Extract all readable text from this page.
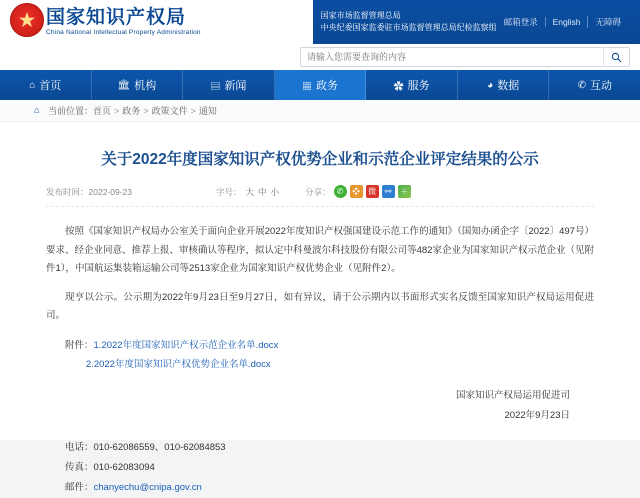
★ 国家知识产权局
China National Intellectual Property Administration
国家市场监督管理总局
中央纪委国家监委驻市场监督管理总局纪检监察组
邮箱登录	English	无障碍
请输入您需要查询的内容
⌂ 首页	🏛 机构	▤ 新闻	▦ 政务	✿ 服务	◕ 数据	✆ 互动
⌂ 当前位置： 首页 > 政务 > 政策文件 > 通知
关于2022年度国家知识产权优势企业和示范企业评定结果的公示
发布时间：2022-09-23	字号： 大 中 小	分享： ✆	❖	微	⚯	＋

按照《国家知识产权局办公室关于面向企业开展2022年度知识产权强国建设示范工作的通知》（国知办函企字〔2022〕497号）要求、经企业同意、推荐上报、审核确认等程序，拟认定中科曼波尔科技股份有限公司等482家企业为国家知识产权示范企业（见附件1），中国航运集装箱运输公司等2513家企业为国家知识产权优势企业（见附件2）。

现亨以公示。公示期为2022年9月23日至9月27日，如有异议，请于公示期内以书面形式实名反馈至国家知识产权局运用促进司。

附件： 1.2022年度国家知识产权示范企业名单.docx
2.2022年度国家知识产权优势企业名单.docx
国家知识产权局运用促进司
2022年9月23日
电话：010-62086559、010-62084853
传真：010-62083094
邮件：chanyechu@cnipa.gov.cn
